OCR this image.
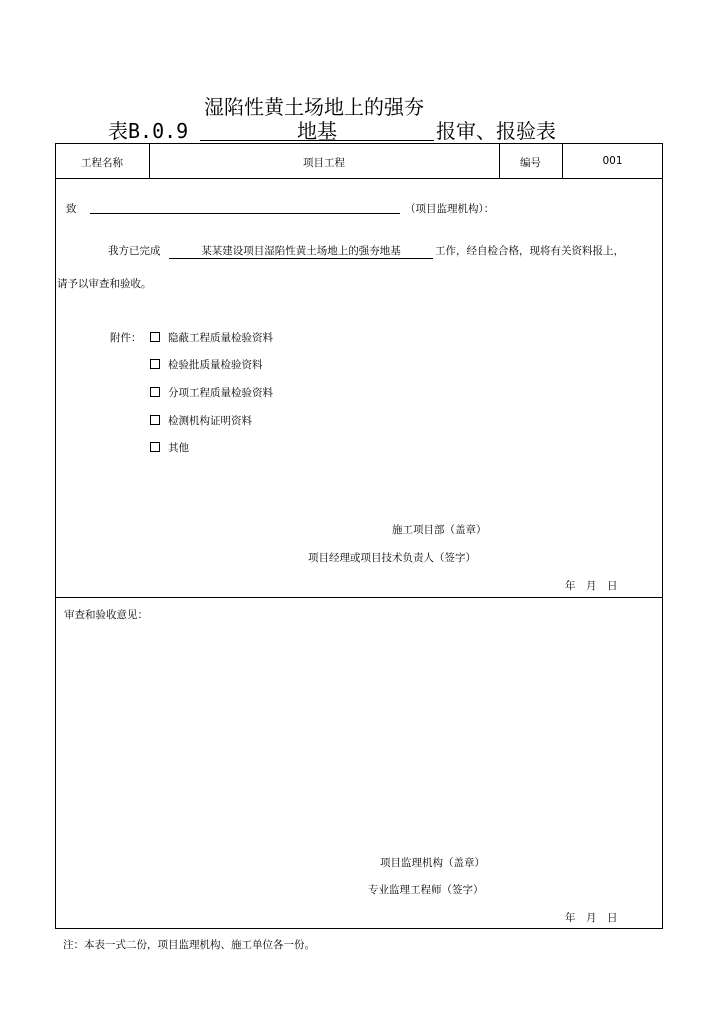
湿陷性黄土场地上的强夯
表B.0.9	地基	报审、报验表
工程名称	项目工程	编号	001
致	（项目监理机构）：
我方已完成	某某建设项目湿陷性黄土场地上的强夯地基	工作，经自检合格，现将有关资料报上，
请予以审查和验收。
附件：	隐蔽工程质量检验资料
检验批质量检验资料
分项工程质量检验资料
检测机构证明资料
其他
施工项目部（盖章）
项目经理或项目技术负责人（签字）
年　月　日
审查和验收意见：
项目监理机构（盖章）
专业监理工程师（签字）
年　月　日
注：本表一式二份，项目监理机构、施工单位各一份。
